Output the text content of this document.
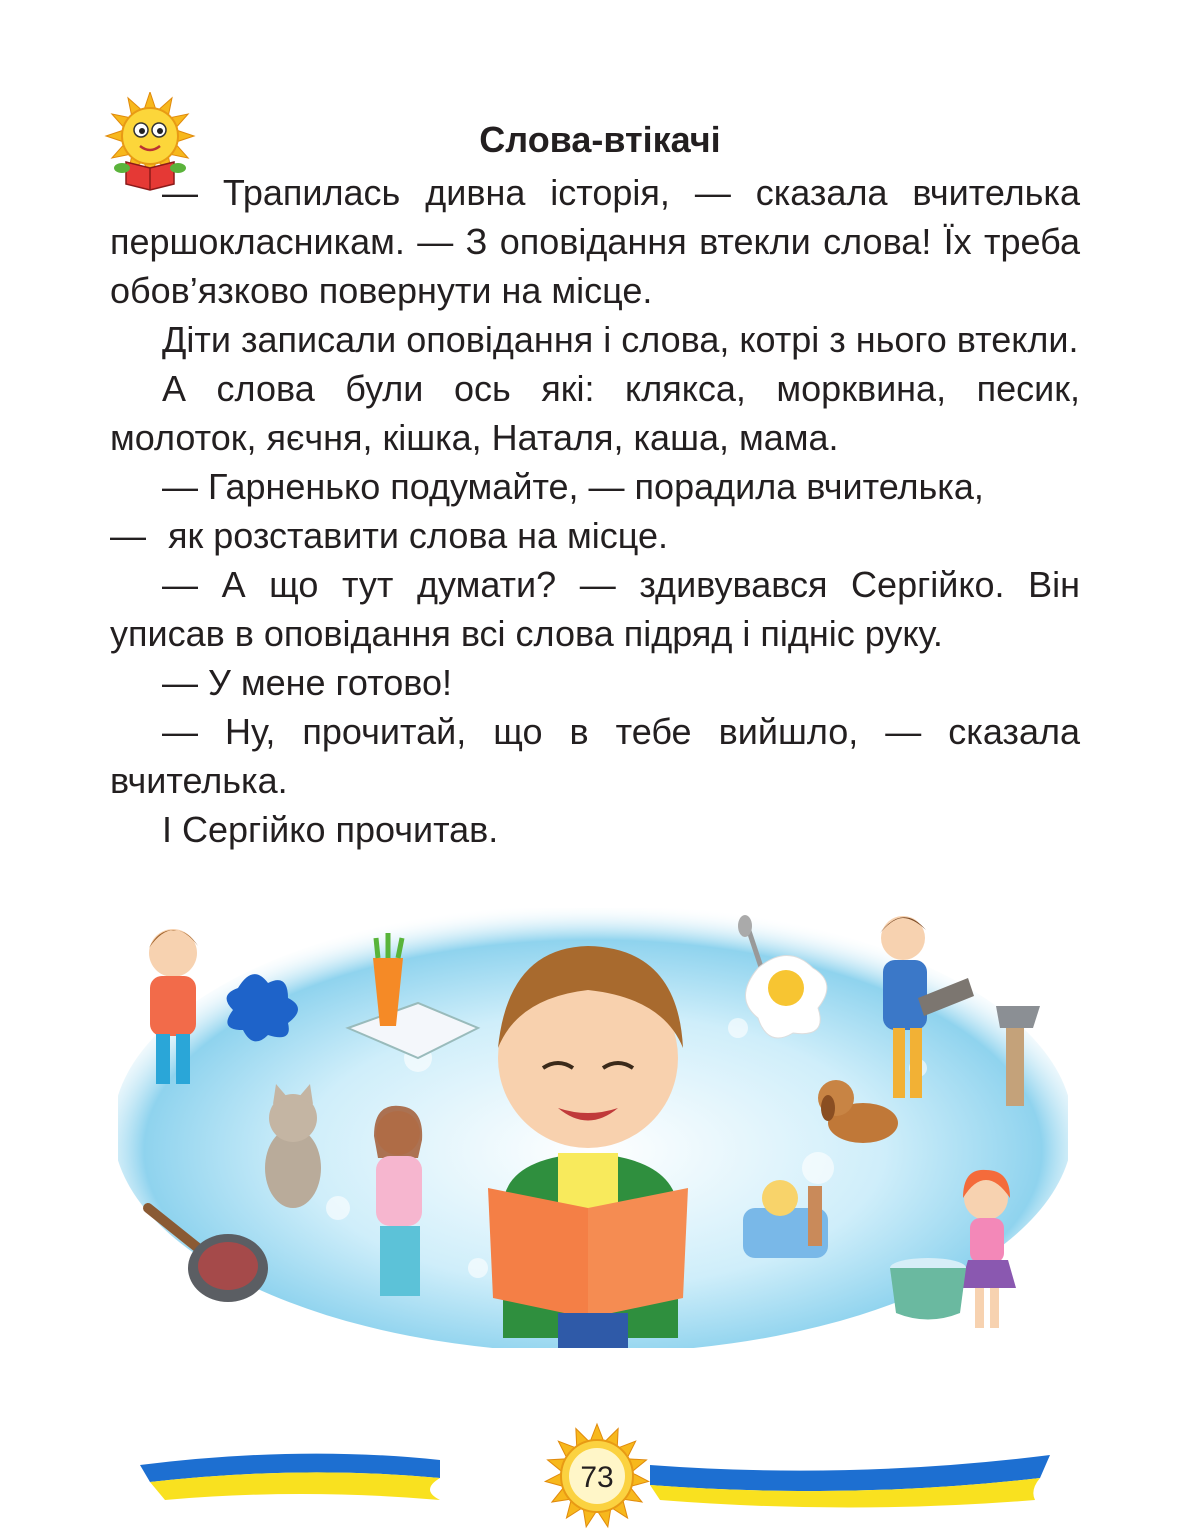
Слова-втікачі

— Трапилась дивна історія, — сказала вчителька першокласникам. — З оповідання втекли слова! Їх треба обов’язково повернути на місце.

Діти записали оповідання і слова, котрі з нього втекли.

А слова були ось які: клякса, морквина, песик, молоток, яєчня, кішка, Наталя, каша, мама.

— Гарненько подумайте, — порадила вчителька,

— як розставити слова на місце.

— А що тут думати? — здивувався Сергійко. Він уписав в оповідання всі слова підряд і підніс руку.

— У мене готово!

— Ну, прочитай, що в тебе вийшло, — сказала вчителька.

І Сергійко прочитав.

73
